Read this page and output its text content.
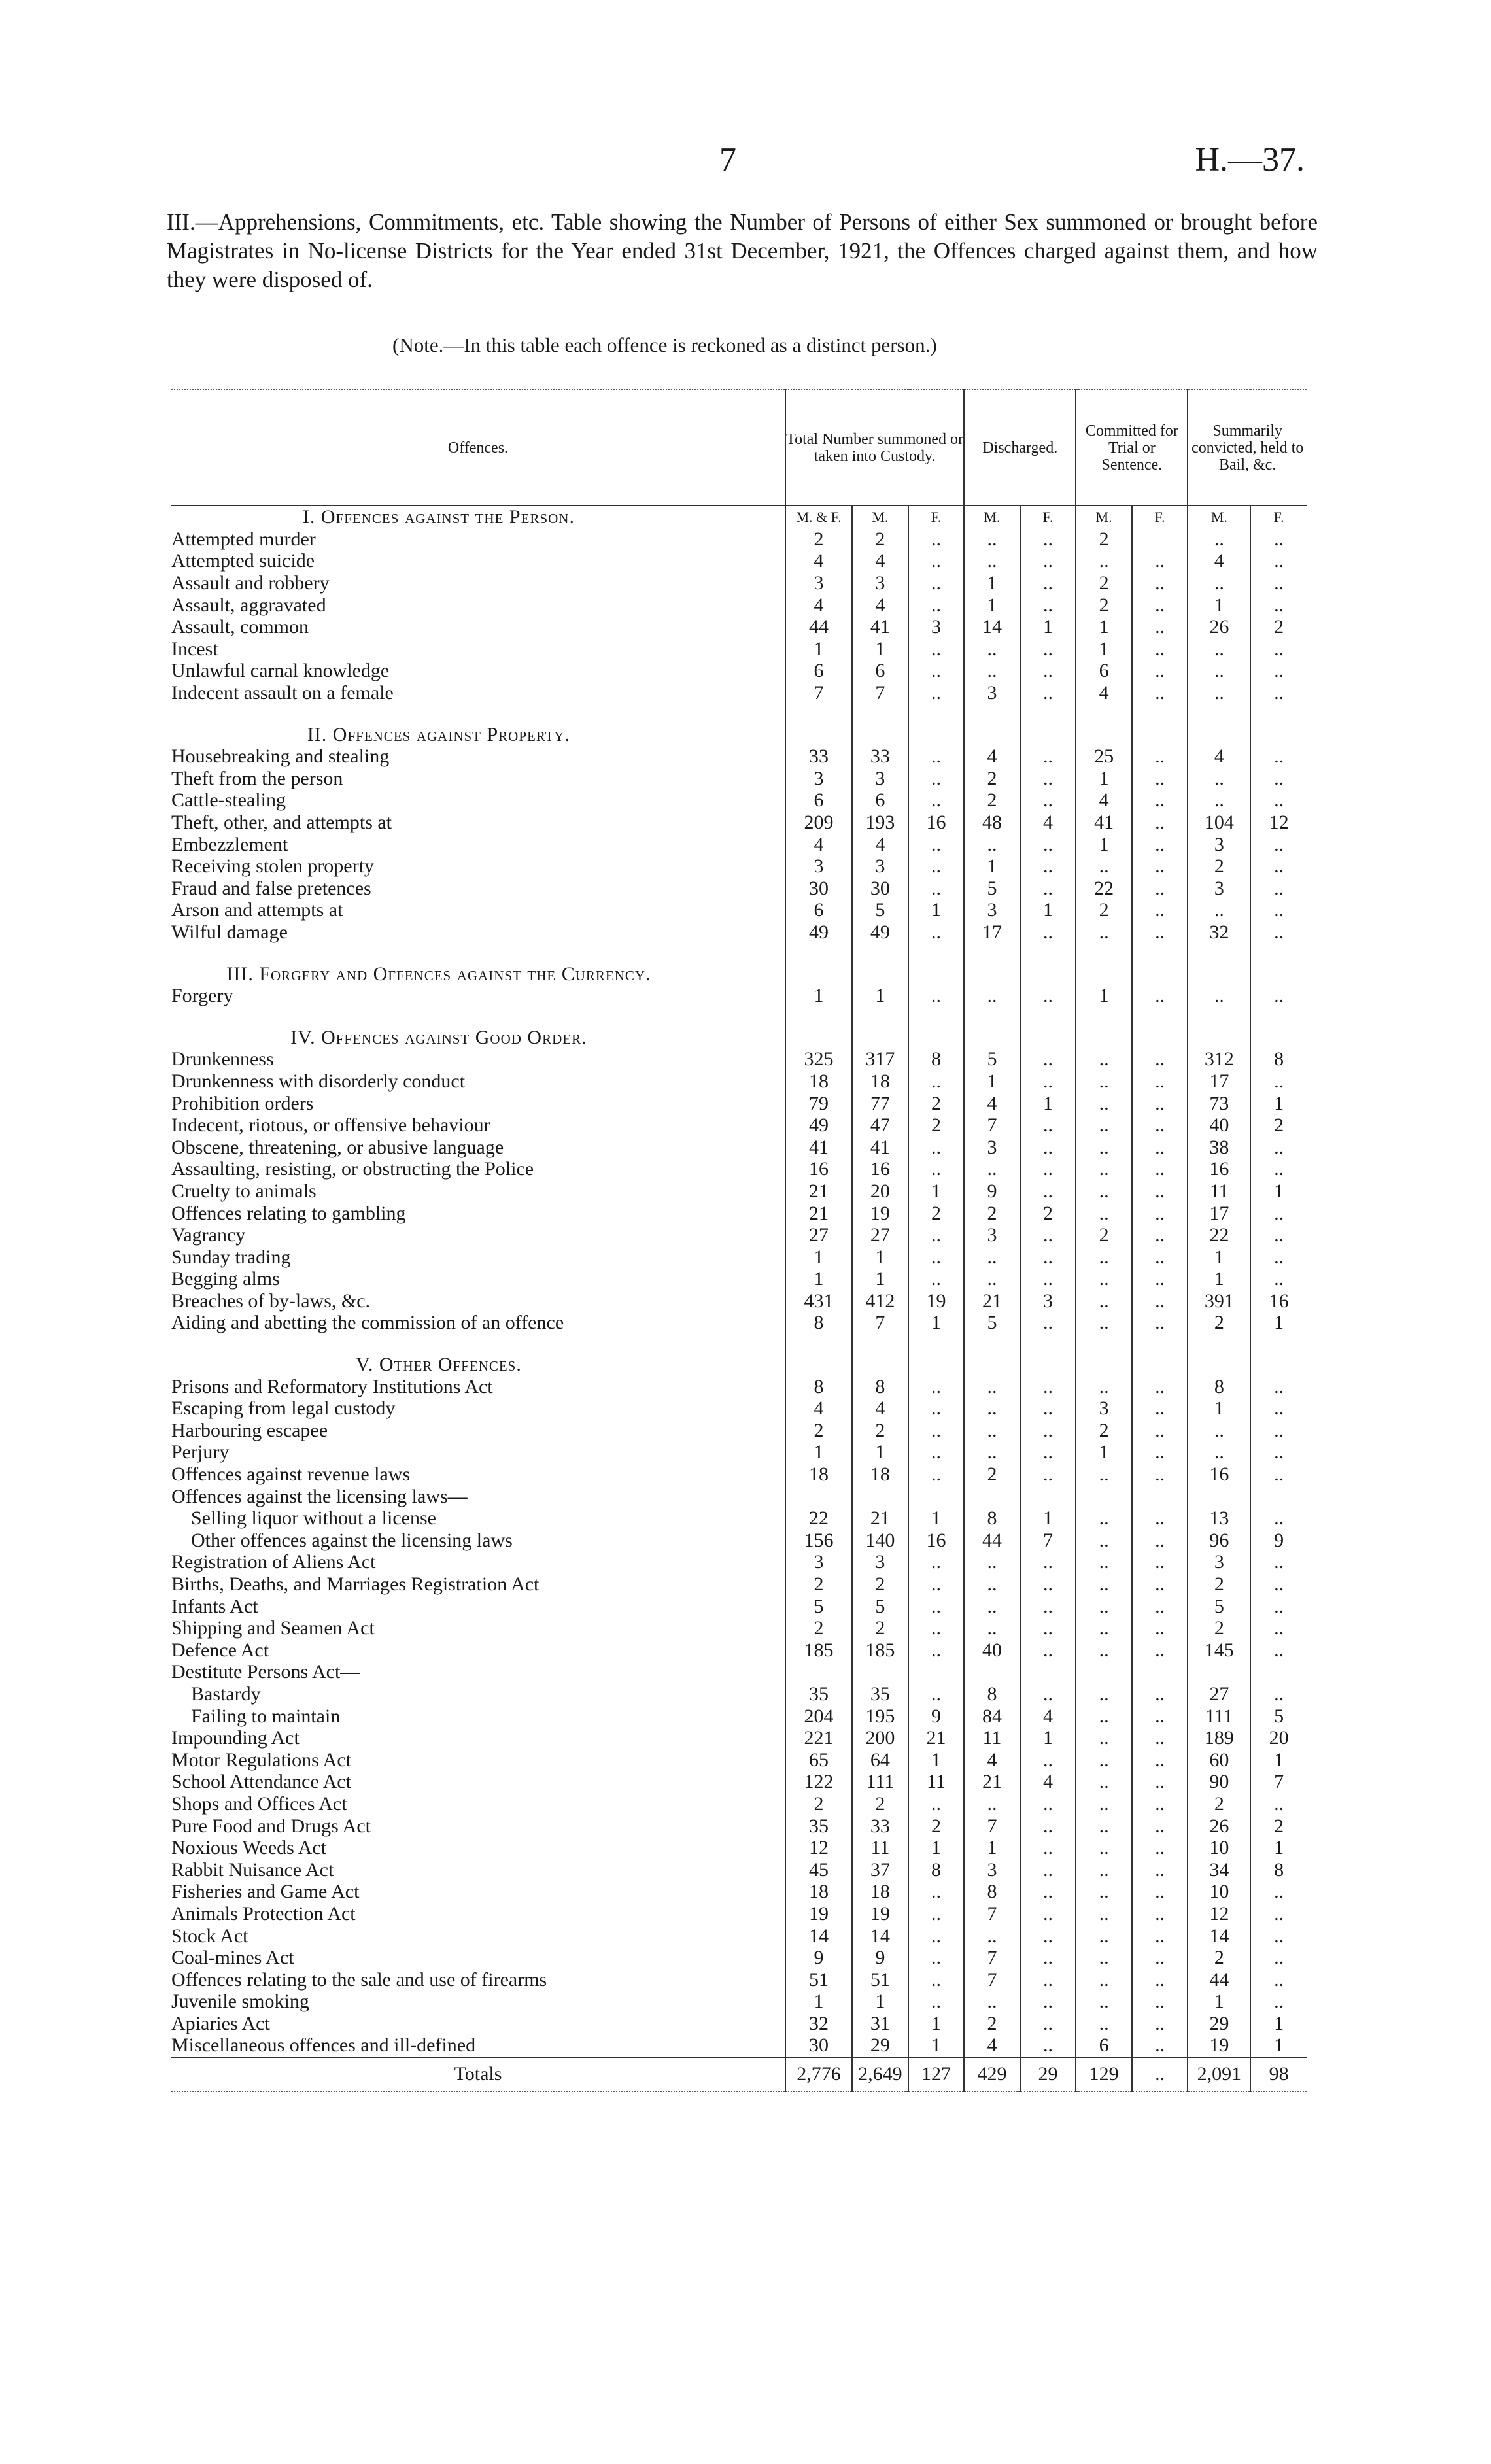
7	H.—37.
III.—Apprehensions, Commitments, etc. Table showing the Number of Persons of either Sex summoned or brought before Magistrates in No-license Districts for the Year ended 31st December, 1921, the Offences charged against them, and how they were disposed of.
(Note.—In this table each offence is reckoned as a distinct person.)
Offences.	Total Number summoned or taken into Custody.			Discharged.		Committed for Trial or Sentence.		Summarily convicted, held to Bail, &c.	
I. Offences against the Person.	M. & F.	M.	F.	M.	F.	M.	F.	M.	F.
Attempted murder	2	2	..	..	..	2		..	..
Attempted suicide	4	4	..	..	..	..	..	4	..
Assault and robbery	3	3	..	1	..	2	..	..	..
Assault, aggravated	4	4	..	1	..	2	..	1	..
Assault, common	44	41	3	14	1	1	..	26	2
Incest	1	1	..	..	..	1	..	..	..
Unlawful carnal knowledge	6	6	..	..	..	6	..	..	..
Indecent assault on a female	7	7	..	3	..	4	..	..	..

II. Offences against Property.									
Housebreaking and stealing	33	33	..	4	..	25	..	4	..
Theft from the person	3	3	..	2	..	1	..	..	..
Cattle-stealing	6	6	..	2	..	4	..	..	..
Theft, other, and attempts at	209	193	16	48	4	41	..	104	12
Embezzlement	4	4	..	..	..	1	..	3	..
Receiving stolen property	3	3	..	1	..	..	..	2	..
Fraud and false pretences	30	30	..	5	..	22	..	3	..
Arson and attempts at	6	5	1	3	1	2	..	..	..
Wilful damage	49	49	..	17	..	..	..	32	..

III. Forgery and Offences against the Currency.									
Forgery	1	1	..	..	..	1	..	..	..

IV. Offences against Good Order.									
Drunkenness	325	317	8	5	..	..	..	312	8
Drunkenness with disorderly conduct	18	18	..	1	..	..	..	17	..
Prohibition orders	79	77	2	4	1	..	..	73	1
Indecent, riotous, or offensive behaviour	49	47	2	7	..	..	..	40	2
Obscene, threatening, or abusive language	41	41	..	3	..	..	..	38	..
Assaulting, resisting, or obstructing the Police	16	16	..	..	..	..	..	16	..
Cruelty to animals	21	20	1	9	..	..	..	11	1
Offences relating to gambling	21	19	2	2	2	..	..	17	..
Vagrancy	27	27	..	3	..	2	..	22	..
Sunday trading	1	1	..	..	..	..	..	1	..
Begging alms	1	1	..	..	..	..	..	1	..
Breaches of by-laws, &c.	431	412	19	21	3	..	..	391	16
Aiding and abetting the commission of an offence	8	7	1	5	..	..	..	2	1

V. Other Offences.									
Prisons and Reformatory Institutions Act	8	8	..	..	..	..	..	8	..
Escaping from legal custody	4	4	..	..	..	3	..	1	..
Harbouring escapee	2	2	..	..	..	2	..	..	..
Perjury	1	1	..	..	..	1	..	..	..
Offences against revenue laws	18	18	..	2	..	..	..	16	..
Offences against the licensing laws—									
Selling liquor without a license	22	21	1	8	1	..	..	13	..
Other offences against the licensing laws	156	140	16	44	7	..	..	96	9
Registration of Aliens Act	3	3	..	..	..	..	..	3	..
Births, Deaths, and Marriages Registration Act	2	2	..	..	..	..	..	2	..
Infants Act	5	5	..	..	..	..	..	5	..
Shipping and Seamen Act	2	2	..	..	..	..	..	2	..
Defence Act	185	185	..	40	..	..	..	145	..
Destitute Persons Act—									
Bastardy	35	35	..	8	..	..	..	27	..
Failing to maintain	204	195	9	84	4	..	..	111	5
Impounding Act	221	200	21	11	1	..	..	189	20
Motor Regulations Act	65	64	1	4	..	..	..	60	1
School Attendance Act	122	111	11	21	4	..	..	90	7
Shops and Offices Act	2	2	..	..	..	..	..	2	..
Pure Food and Drugs Act	35	33	2	7	..	..	..	26	2
Noxious Weeds Act	12	11	1	1	..	..	..	10	1
Rabbit Nuisance Act	45	37	8	3	..	..	..	34	8
Fisheries and Game Act	18	18	..	8	..	..	..	10	..
Animals Protection Act	19	19	..	7	..	..	..	12	..
Stock Act	14	14	..	..	..	..	..	14	..
Coal-mines Act	9	9	..	7	..	..	..	2	..
Offences relating to the sale and use of firearms	51	51	..	7	..	..	..	44	..
Juvenile smoking	1	1	..	..	..	..	..	1	..
Apiaries Act	32	31	1	2	..	..	..	29	1
Miscellaneous offences and ill-defined	30	29	1	4	..	6	..	19	1
Totals	2,776	2,649	127	429	29	129	..	2,091	98
